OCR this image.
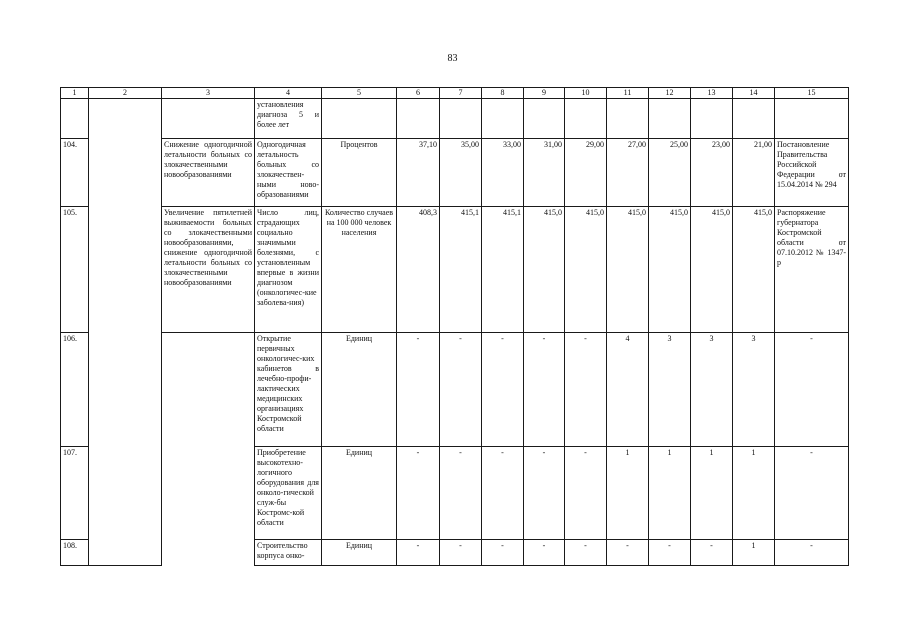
83
1	2	3	4	5	6	7	8	9	10	11	12	13	14	15
			установления диагноза 5 и более лет											
104.		Снижение одногодичной летальности больных со злокачественными новообразованиями	Одногодичная летальность больных со злокачествен-ными ново-образованиями	Процентов	37,10	35,00	33,00	31,00	29,00	27,00	25,00	23,00	21,00	Постановление Правительства Российской Федерации от 15.04.2014 № 294
105.		Увеличение пятилетней выживаемости больных со злокачественными новообразованиями, снижение одногодичной летальности больных со злокачественными новообразованиями	Число лиц, страдающих социально значимыми болезнями, с установленным впервые в жизни диагнозом (онкологичес-кие заболева-ния)	Количество случаев на 100 000 человек населения	408,3	415,1	415,1	415,0	415,0	415,0	415,0	415,0	415,0	Распоряжение губернатора Костромской области от 07.10.2012 № 1347-р
106.			Открытие первичных онкологичес-ких кабинетов в лечебно-профи-лактических медицинских организациях Костромской области	Единиц	-	-	-	-	-	4	3	3	3	-
107.			Приобретение высокотехно-логичного оборудования для онколо-гической служ-бы Костромс-кой области	Единиц	-	-	-	-	-	1	1	1	1	-
108.			Строительство корпуса онко-	Единиц	-	-	-	-	-	-	-	-	1	-
